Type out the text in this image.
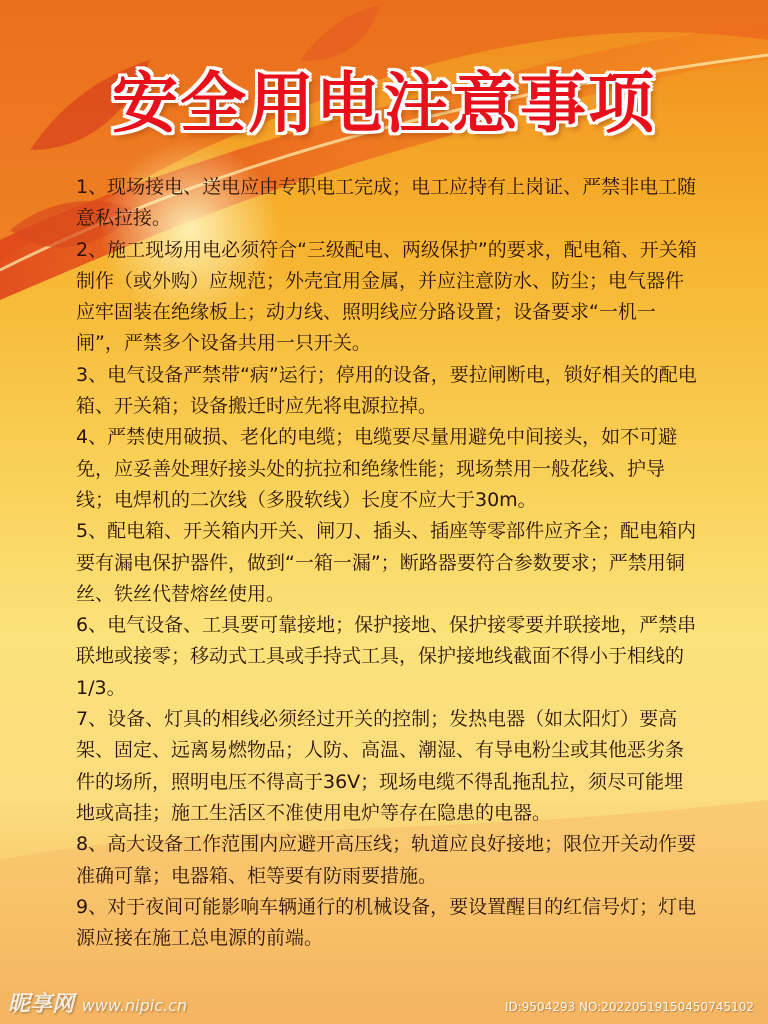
安全用电注意事项

1、现场接电、送电应由专职电工完成；电工应持有上岗证、严禁非电工随意私拉接。

2、施工现场用电必须符合“三级配电、两级保护”的要求，配电箱、开关箱制作（或外购）应规范；外壳宜用金属，并应注意防水、防尘；电气器件应牢固装在绝缘板上；动力线、照明线应分路设置；设备要求“一机一闸”，严禁多个设备共用一只开关。

3、电气设备严禁带“病”运行；停用的设备，要拉闸断电，锁好相关的配电箱、开关箱；设备搬迁时应先将电源拉掉。

4、严禁使用破损、老化的电缆；电缆要尽量用避免中间接头，如不可避免，应妥善处理好接头处的抗拉和绝缘性能；现场禁用一般花线、护导线；电焊机的二次线（多股软线）长度不应大于30m。

5、配电箱、开关箱内开关、闸刀、插头、插座等零部件应齐全；配电箱内要有漏电保护器件，做到“一箱一漏”；断路器要符合参数要求；严禁用铜丝、铁丝代替熔丝使用。

6、电气设备、工具要可靠接地；保护接地、保护接零要并联接地，严禁串联地或接零；移动式工具或手持式工具，保护接地线截面不得小于相线的1/3。

7、设备、灯具的相线必须经过开关的控制；发热电器（如太阳灯）要高架、固定、远离易燃物品；人防、高温、潮湿、有导电粉尘或其他恶劣条件的场所，照明电压不得高于36V；现场电缆不得乱拖乱拉，须尽可能埋地或高挂；施工生活区不准使用电炉等存在隐患的电器。

8、高大设备工作范围内应避开高压线；轨道应良好接地；限位开关动作要准确可靠；电器箱、柜等要有防雨要措施。

9、对于夜间可能影响车辆通行的机械设备，要设置醒目的红信号灯；灯电源应接在施工总电源的前端。

昵享网 www.nipic.cn	ID:9504293 NO:20220519150450745102
